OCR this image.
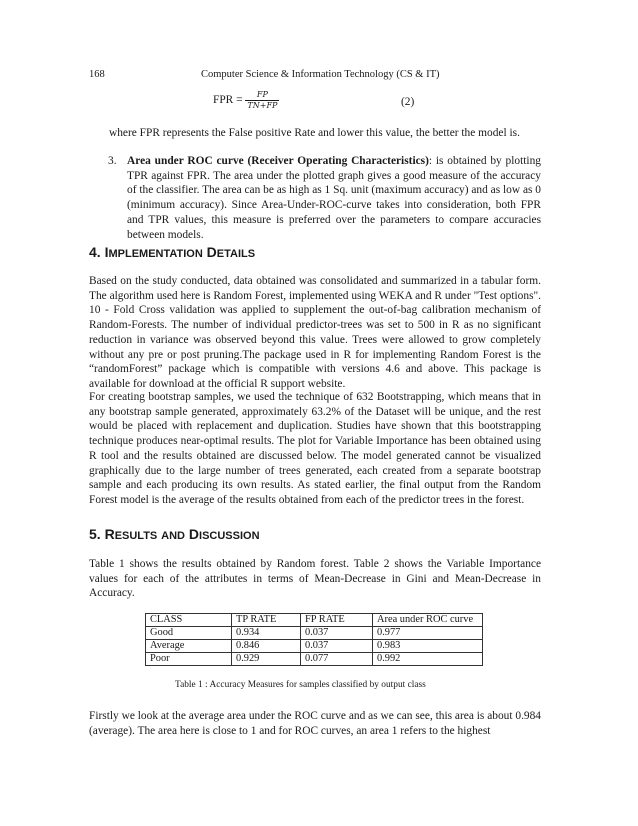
168	Computer Science & Information Technology (CS & IT)
FPR = $\frac{FP}{TN+FP}$	(2)
where FPR represents the False positive Rate and lower this value, the better the model is.
3. Area under ROC curve (Receiver Operating Characteristics): is obtained by plotting TPR against FPR. The area under the plotted graph gives a good measure of the accuracy of the classifier. The area can be as high as 1 Sq. unit (maximum accuracy) and as low as 0 (minimum accuracy). Since Area-Under-ROC-curve takes into consideration, both FPR and TPR values, this measure is preferred over the parameters to compare accuracies between models.
4. IMPLEMENTATION DETAILS
Based on the study conducted, data obtained was consolidated and summarized in a tabular form. The algorithm used here is Random Forest, implemented using WEKA and R under "Test options". 10 - Fold Cross validation was applied to supplement the out-of-bag calibration mechanism of Random-Forests. The number of individual predictor-trees was set to 500 in R as no significant reduction in variance was observed beyond this value. Trees were allowed to grow completely without any pre or post pruning.The package used in R for implementing Random Forest is the “randomForest” package which is compatible with versions 4.6 and above. This package is available for download at the official R support website.
For creating bootstrap samples, we used the technique of 632 Bootstrapping, which means that in any bootstrap sample generated, approximately 63.2% of the Dataset will be unique, and the rest would be placed with replacement and duplication. Studies have shown that this bootstrapping technique produces near-optimal results. The plot for Variable Importance has been obtained using R tool and the results obtained are discussed below. The model generated cannot be visualized graphically due to the large number of trees generated, each created from a separate bootstrap sample and each producing its own results. As stated earlier, the final output from the Random Forest model is the average of the results obtained from each of the predictor trees in the forest.
5. RESULTS AND DISCUSSION
Table 1 shows the results obtained by Random forest. Table 2 shows the Variable Importance values for each of the attributes in terms of Mean-Decrease in Gini and Mean-Decrease in Accuracy.
CLASS	TP RATE	FP RATE	Area under ROC curve
Good	0.934	0.037	0.977
Average	0.846	0.037	0.983
Poor	0.929	0.077	0.992
Table 1 : Accuracy Measures for samples classified by output class
Firstly we look at the average area under the ROC curve and as we can see, this area is about 0.984 (average). The area here is close to 1 and for ROC curves, an area 1 refers to the highest
